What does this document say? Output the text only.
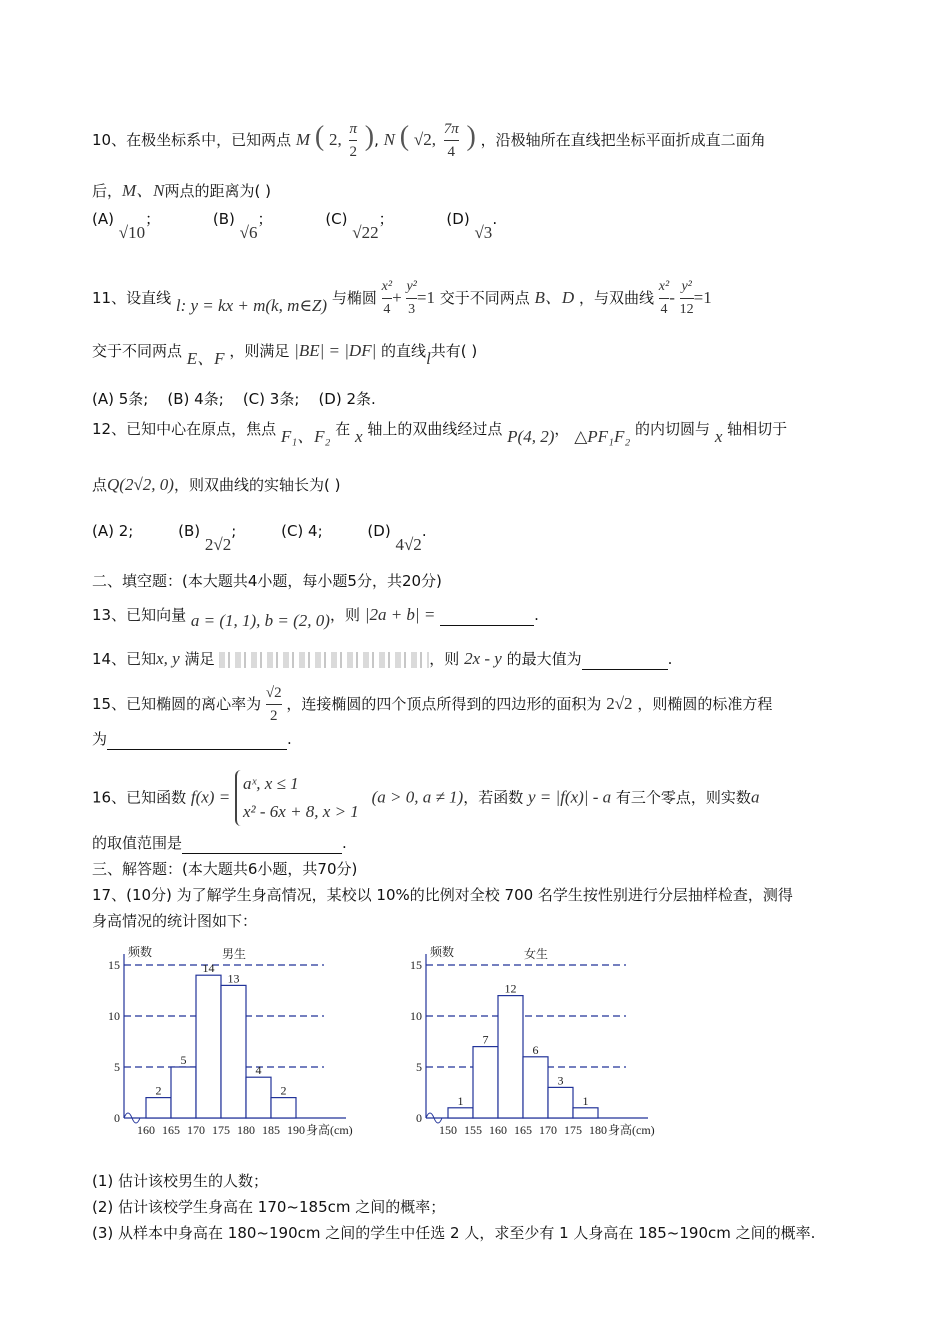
10、在极坐标系中，已知两点 M ( 2, $\frac{\pi}{2}$ ), N ( √2, $\frac{7\pi}{4}$ ) ，沿极轴所在直线把坐标平面折成直二面角
后，M、N两点的距离为( )
(A) √10；	(B) √6；	(C) √22；	(D) √3.
11、设直线 l: y = kx + m(k, m∈Z) 与椭圆 $\frac{\text{x²}}{4} + \frac{\text{y²}}{3} =1$ 交于不同两点 B、D ，与双曲线 $\frac{\text{x²}}{4} - \frac{\text{y²}}{12} =1$
交于不同两点 E、F ，则满足 |BE| = |DF| 的直线l共有( )
(A) 5条;    (B) 4条;    (C) 3条;    (D) 2条.
12、已知中心在原点，焦点 F₁、F₂ 在 x 轴上的双曲线经过点 P(4, 2)， △PF₁F₂ 的内切圆与 x 轴相切于
点Q(2√2, 0)，则双曲线的实轴长为( )
(A) 2;	(B) 2√2;	(C) 4;	(D) 4√2.
二、填空题：(本大题共4小题，每小题5分，共20分)
13、已知向量 a = (1, 1), b = (2, 0)，则 |2a + b| =	.
14、已知x, y 满足	，则 2x - y 的最大值为	.
15、已知椭圆的离心率为 $\frac{√2}{2}$ ，连接椭圆的四个顶点所得到的四边形的面积为 2√2 ，则椭圆的标准方程
为	.
16、已知函数 f(x) =
aˣ, x ≤ 1
x² - 6x + 8, x > 1
(a > 0, a ≠ 1)，若函数 y = |f(x)| - a 有三个零点，则实数a
的取值范围是	.
三、解答题：(本大题共6小题，共70分)
17、(10分) 为了解学生身高情况，某校以 10%的比例对全校 700 名学生按性别进行分层抽样检查，测得
身高情况的统计图如下：
0
5
10
15
2
5
14
13
4
2
160 165 170 175 180 185 190
频数
身高(cm)
男生
0
5
10
15
1
7
12
6
3
1
150 155 160 165 170 175 180
频数
身高(cm)
女生
(1) 估计该校男生的人数；
(2) 估计该校学生身高在 170~185cm 之间的概率；
(3) 从样本中身高在 180~190cm 之间的学生中任选 2 人，求至少有 1 人身高在 185~190cm 之间的概率.
